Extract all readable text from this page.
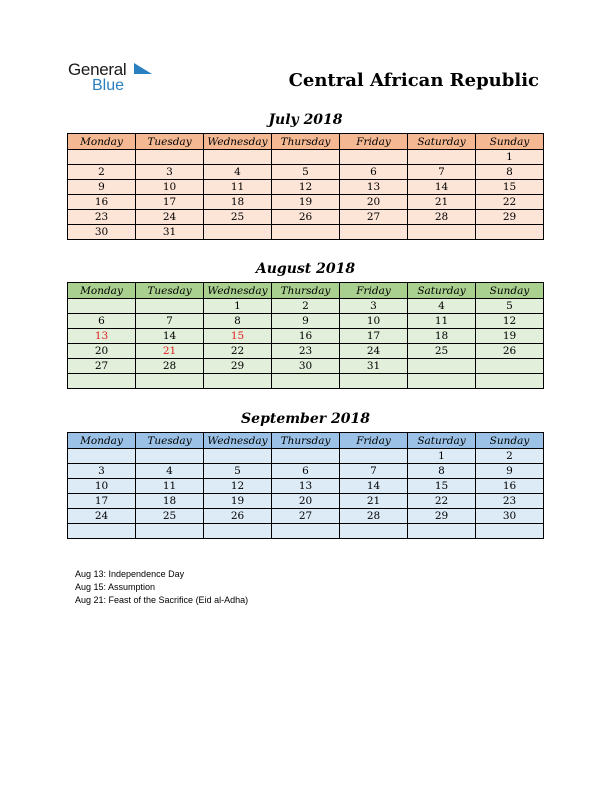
General
Blue	Central African Republic
July 2018
Monday	Tuesday	Wednesday	Thursday	Friday	Saturday	Sunday
						1
2	3	4	5	6	7	8
9	10	11	12	13	14	15
16	17	18	19	20	21	22
23	24	25	26	27	28	29
30	31					
August 2018
Monday	Tuesday	Wednesday	Thursday	Friday	Saturday	Sunday
		1	2	3	4	5
6	7	8	9	10	11	12
13	14	15	16	17	18	19
20	21	22	23	24	25	26
27	28	29	30	31		

September 2018
Monday	Tuesday	Wednesday	Thursday	Friday	Saturday	Sunday
					1	2
3	4	5	6	7	8	9
10	11	12	13	14	15	16
17	18	19	20	21	22	23
24	25	26	27	28	29	30

Aug 13: Independence Day
Aug 15: Assumption
Aug 21: Feast of the Sacrifice (Eid al-Adha)
